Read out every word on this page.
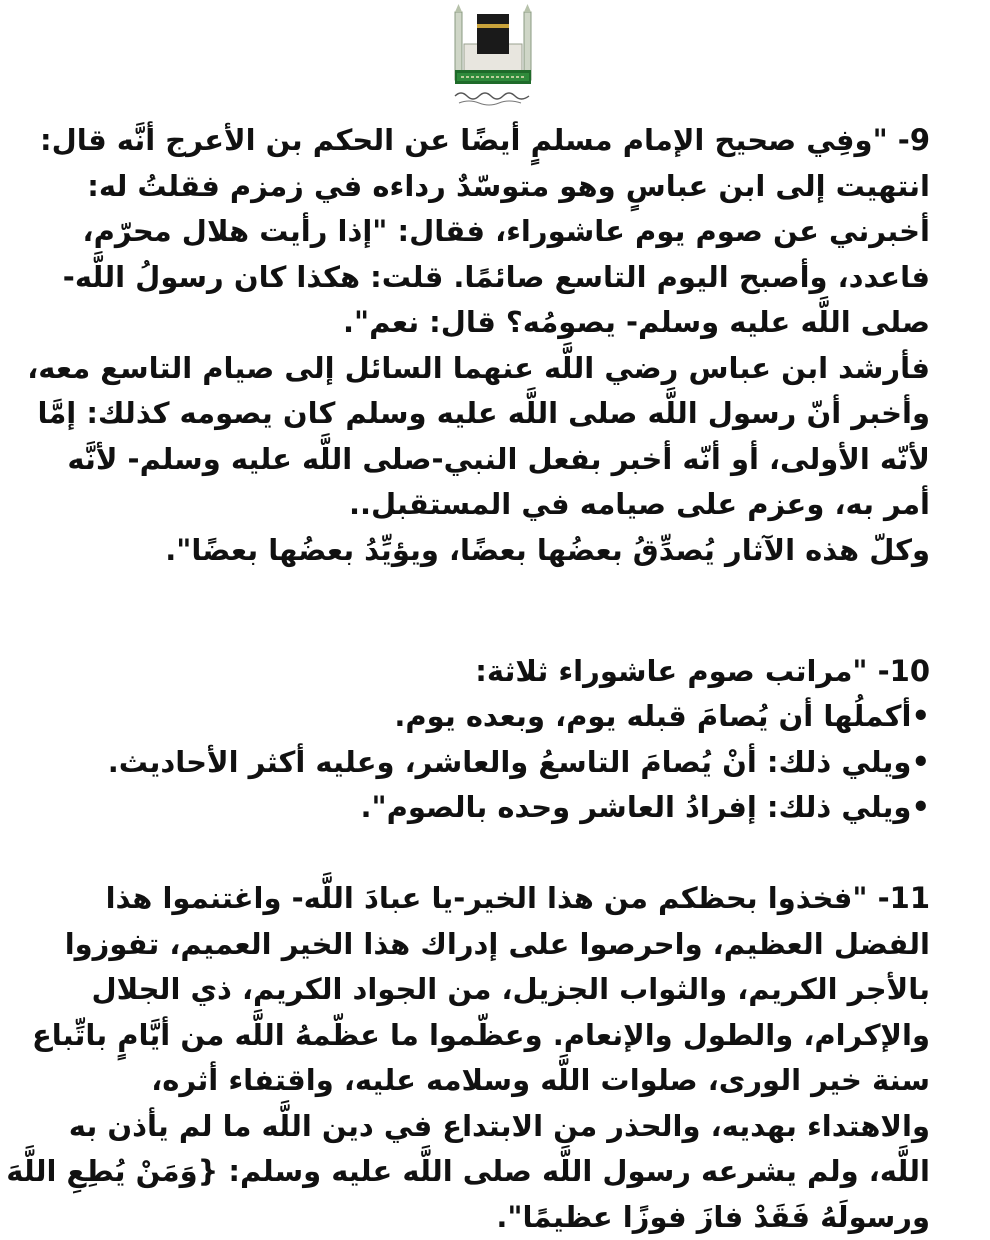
9- "وفِي صحيح الإمام مسلمٍ أيضًا عن الحكم بن الأعرج أنَّه قال:
انتهيت إلى ابن عباسٍ وهو متوسّدٌ رداءه في زمزم فقلتُ له:
أخبرني عن صوم يوم عاشوراء، فقال: "إذا رأيت هلال محرّم،
فاعدد، وأصبح اليوم التاسع صائمًا. قلت: هكذا كان رسولُ اللَّه-
صلى اللَّه عليه وسلم- يصومُه؟ قال: نعم".
فأرشد ابن عباس رضي اللَّه عنهما السائل إلى صيام التاسع معه،
وأخبر أنّ رسول اللَّه صلى اللَّه عليه وسلم كان يصومه كذلك: إمَّا
لأنّه الأولى، أو أنّه أخبر بفعل النبي-صلى اللَّه عليه وسلم- لأنَّه
أمر به، وعزم على صيامه في المستقبل..
وكلّ هذه الآثار يُصدِّقُ بعضُها بعضًا، ويؤيِّدُ بعضُها بعضًا".
10- "مراتب صوم عاشوراء ثلاثة:
•أكملُها أن يُصامَ قبله يوم، وبعده يوم.
•ويلي ذلك: أنْ يُصامَ التاسعُ والعاشر، وعليه أكثر الأحاديث.
•ويلي ذلك: إفرادُ العاشر وحده بالصوم".
11- "فخذوا بحظكم من هذا الخير-يا عبادَ اللَّه- واغتنموا هذا
الفضل العظيم، واحرصوا على إدراك هذا الخير العميم، تفوزوا
بالأجر الكريم، والثواب الجزيل، من الجواد الكريم، ذي الجلال
والإكرام، والطول والإنعام. وعظّموا ما عظّمهُ اللَّه من أيَّامٍ باتِّباع
سنة خير الورى، صلوات اللَّه وسلامه عليه، واقتفاء أثره،
والاهتداء بهديه، والحذر من الابتداع في دين اللَّه ما لم يأذن به
اللَّه، ولم يشرعه رسول اللَّه صلى اللَّه عليه وسلم: {وَمَنْ يُطِعِ اللَّهَ
ورسولَهُ فَقَدْ فازَ فوزًا عظيمًا".
